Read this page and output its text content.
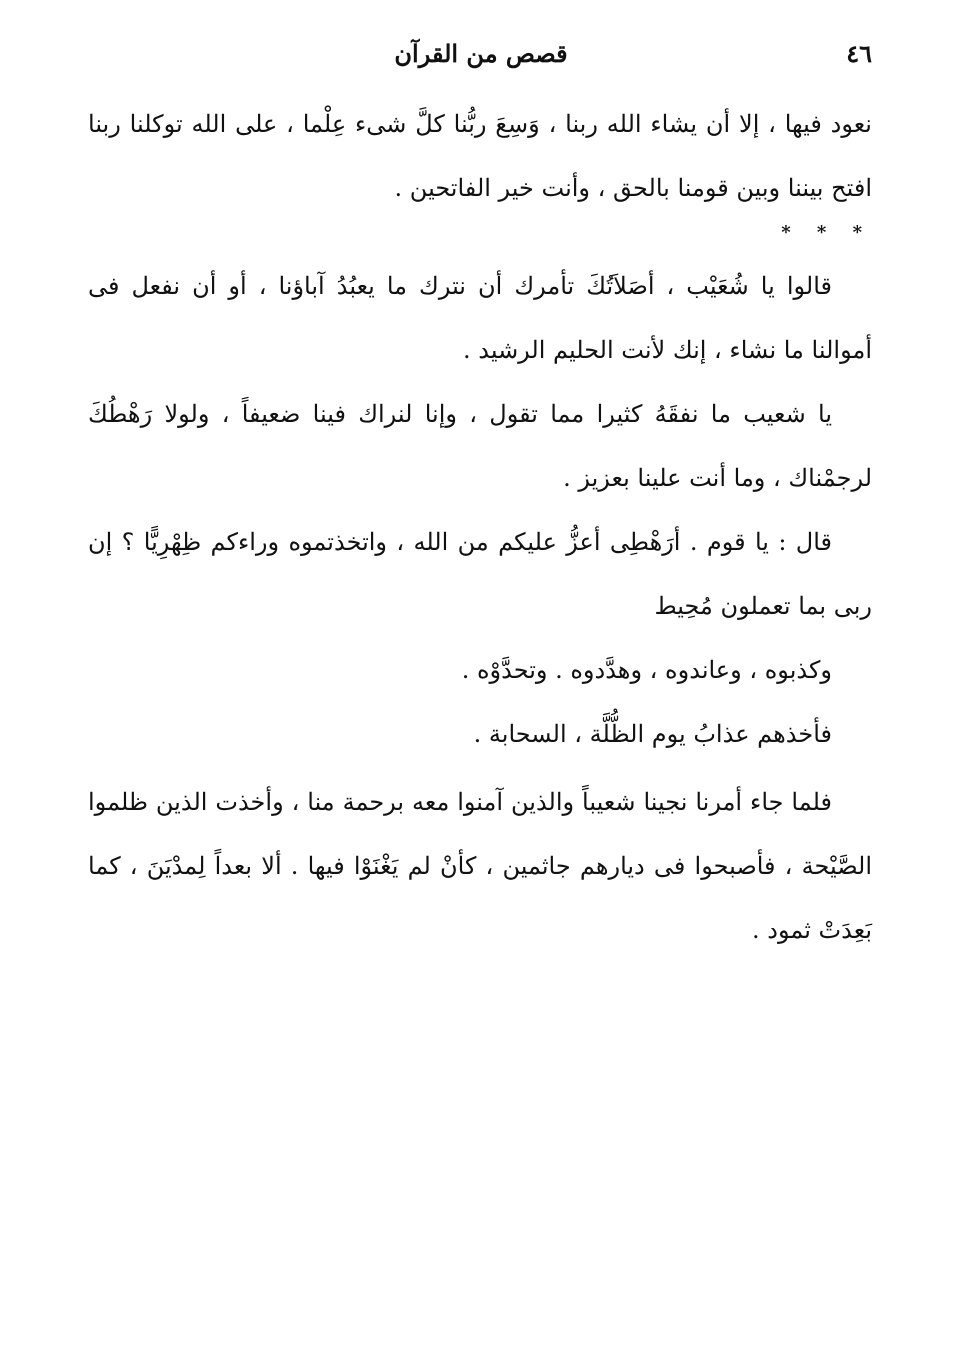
٤٦
قصص من القرآن

نعود فيها ، إلا أن يشاء الله ربنا ، وَسِعَ ربُّنا كلَّ شىء عِلْما ، على الله توكلنا ربنا افتح بيننا وبين قومنا بالحق ، وأنت خير الفاتحين .

* * *

قالوا يا شُعَيْب ، أصَلاَتُكَ تأمرك أن نترك ما يعبُدُ آباؤنا ، أو أن نفعل فى أموالنا ما نشاء ، إنك لأنت الحليم الرشيد .

يا شعيب ما نفقَهُ كثيرا مما تقول ، وإنا لنراك فينا ضعيفاً ، ولولا رَهْطُكَ لرجمْناك ، وما أنت علينا بعزيز .

قال : يا قوم . أرَهْطِى أعزُّ عليكم من الله ، واتخذتموه وراءكم ظِهْرِيًّا ؟ إن ربى بما تعملون مُحِيط

وكذبوه ، وعاندوه ، وهدَّدوه . وتحدَّوْه .

فأخذهم عذابُ يوم الظُّلَّة ، السحابة .

فلما جاء أمرنا نجينا شعيباً والذين آمنوا معه برحمة منا ، وأخذت الذين ظلموا الصَّيْحة ، فأصبحوا فى ديارهم جاثمين ، كأنْ لم يَغْنَوْا فيها . ألا بعداً لِمدْيَنَ ، كما بَعِدَتْ ثمود .
